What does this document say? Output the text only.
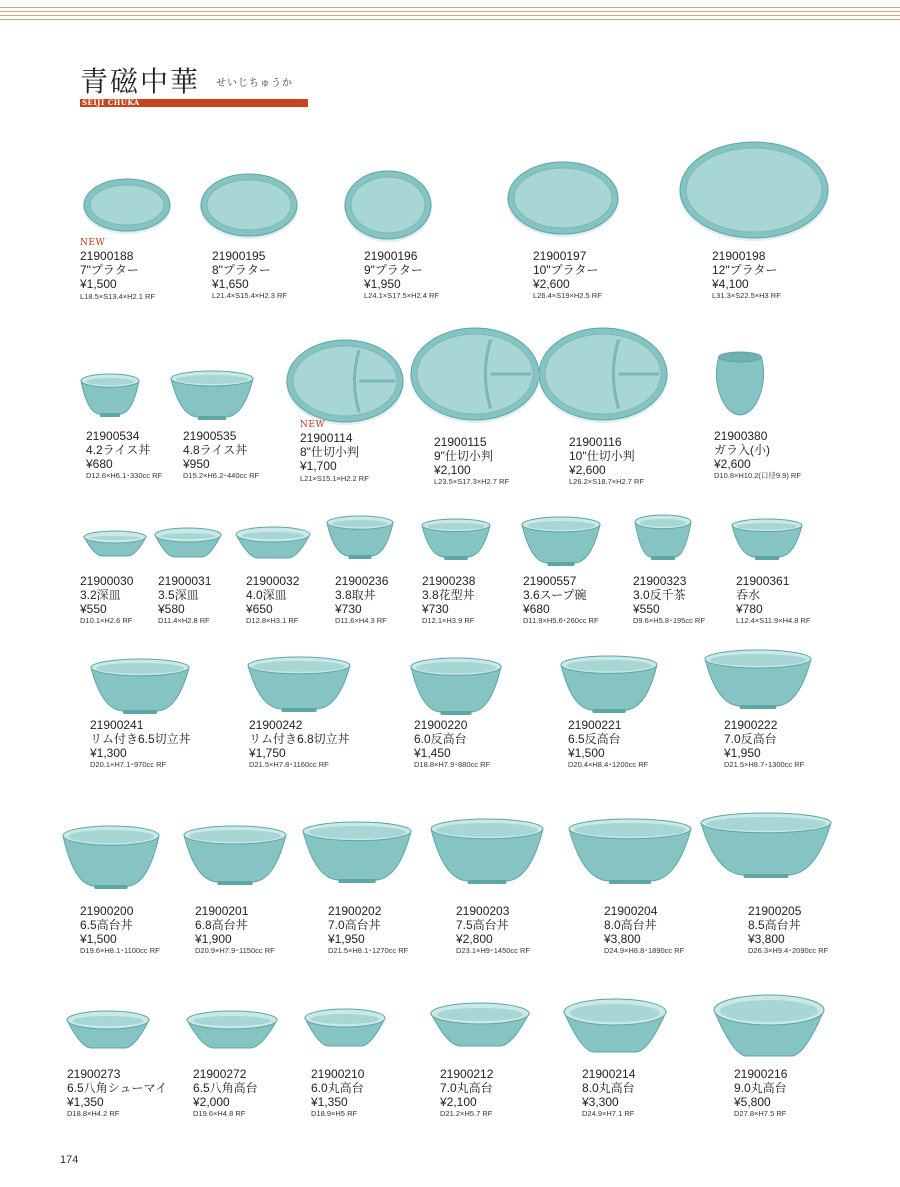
青磁中華 せいじちゅうか
SEIJI CHUKA
NEW
21900188
7"プラター
¥1,500
L18.5×S13.4×H2.1 RF
21900195
8"プラター
¥1,650
L21.4×S15.4×H2.3 RF
21900196
9"プラター
¥1,950
L24.1×S17.5×H2.4 RF
21900197
10"プラター
¥2,600
L26.4×S19×H2.5 RF
21900198
12"プラター
¥4,100
L31.3×S22.5×H3 RF
21900534
4.2ライス丼
¥680
D12.6×H6.1･330cc RF
21900535
4.8ライス丼
¥950
D15.2×H6.2･440cc RF
NEW
21900114
8"仕切小判
¥1,700
L21×S15.1×H2.2 RF
21900115
9"仕切小判
¥2,100
L23.5×S17.3×H2.7 RF
21900116
10"仕切小判
¥2,600
L26.2×S18.7×H2.7 RF
21900380
ガラ入(小)
¥2,600
D10.8×H10.2(口径9.9) RF
21900030
3.2深皿
¥550
D10.1×H2.6 RF
21900031
3.5深皿
¥580
D11.4×H2.8 RF
21900032
4.0深皿
¥650
D12.8×H3.1 RF
21900236
3.8取丼
¥730
D11.6×H4.3 RF
21900238
3.8花型丼
¥730
D12.1×H3.9 RF
21900557
3.6スープ碗
¥680
D11.9×H5.6･260cc RF
21900323
3.0反千茶
¥550
D9.6×H5.8･195cc RF
21900361
呑水
¥780
L12.4×S11.9×H4.8 RF
21900241
リム付き6.5切立丼
¥1,300
D20.1×H7.1･970cc RF
21900242
リム付き6.8切立丼
¥1,750
D21.5×H7.8･1160cc RF
21900220
6.0反高台
¥1,450
D18.8×H7.9･880cc RF
21900221
6.5反高台
¥1,500
D20.4×H8.4･1200cc RF
21900222
7.0反高台
¥1,950
D21.5×H8.7･1300cc RF
21900200
6.5高台丼
¥1,500
D19.6×H8.1･1100cc RF
21900201
6.8高台丼
¥1,900
D20.9×H7.9･1150cc RF
21900202
7.0高台丼
¥1,950
D21.5×H8.1･1270cc RF
21900203
7.5高台丼
¥2,800
D23.1×H9･1450cc RF
21900204
8.0高台丼
¥3,800
D24.9×H8.8･1890cc RF
21900205
8.5高台丼
¥3,800
D26.3×H9.4･2090cc RF
21900273
6.5八角シューマイ
¥1,350
D18.8×H4.2 RF
21900272
6.5八角高台
¥2,000
D19.6×H4.8 RF
21900210
6.0丸高台
¥1,350
D18.9×H5 RF
21900212
7.0丸高台
¥2,100
D21.2×H5.7 RF
21900214
8.0丸高台
¥3,300
D24.9×H7.1 RF
21900216
9.0丸高台
¥5,800
D27.8×H7.5 RF
174
